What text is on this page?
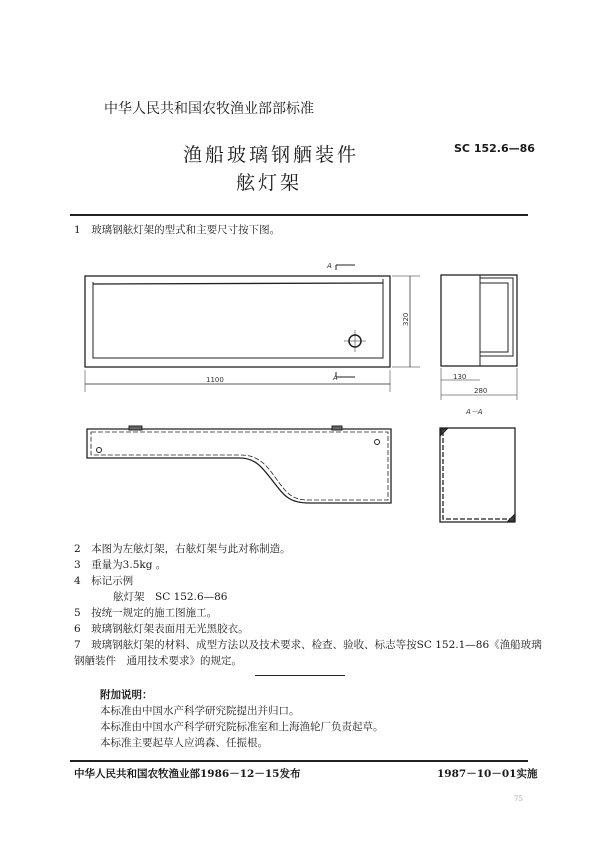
中华人民共和国农牧渔业部部标准
渔船玻璃钢舾装件
舷灯架
SC 152.6—86
1　 玻璃钢舷灯架的型式和主要尺寸按下图。
1100
320
A
A	130
280
A－A
2　 本图为左舷灯架，右舷灯架与此对称制造。
3　 重量为3.5kg 。
4　 标记示例
舷灯架　SC 152.6—86
5　 按统一规定的施工图施工。
6　 玻璃钢舷灯架表面用无光黑胶衣。
7　 玻璃钢舷灯架的材料、成型方法以及技术要求、检查、验收、标志等按SC 152.1—86《渔船玻璃
钢舾装件　通用技术要求》的规定。
附加说明：
本标准由中国水产科学研究院提出并归口。
本标准由中国水产科学研究院标准室和上海渔轮厂负责起草。
本标准主要起草人应鸿森、任振根。
中华人民共和国农牧渔业部1986－12－15发布	1987－10－01实施
75
